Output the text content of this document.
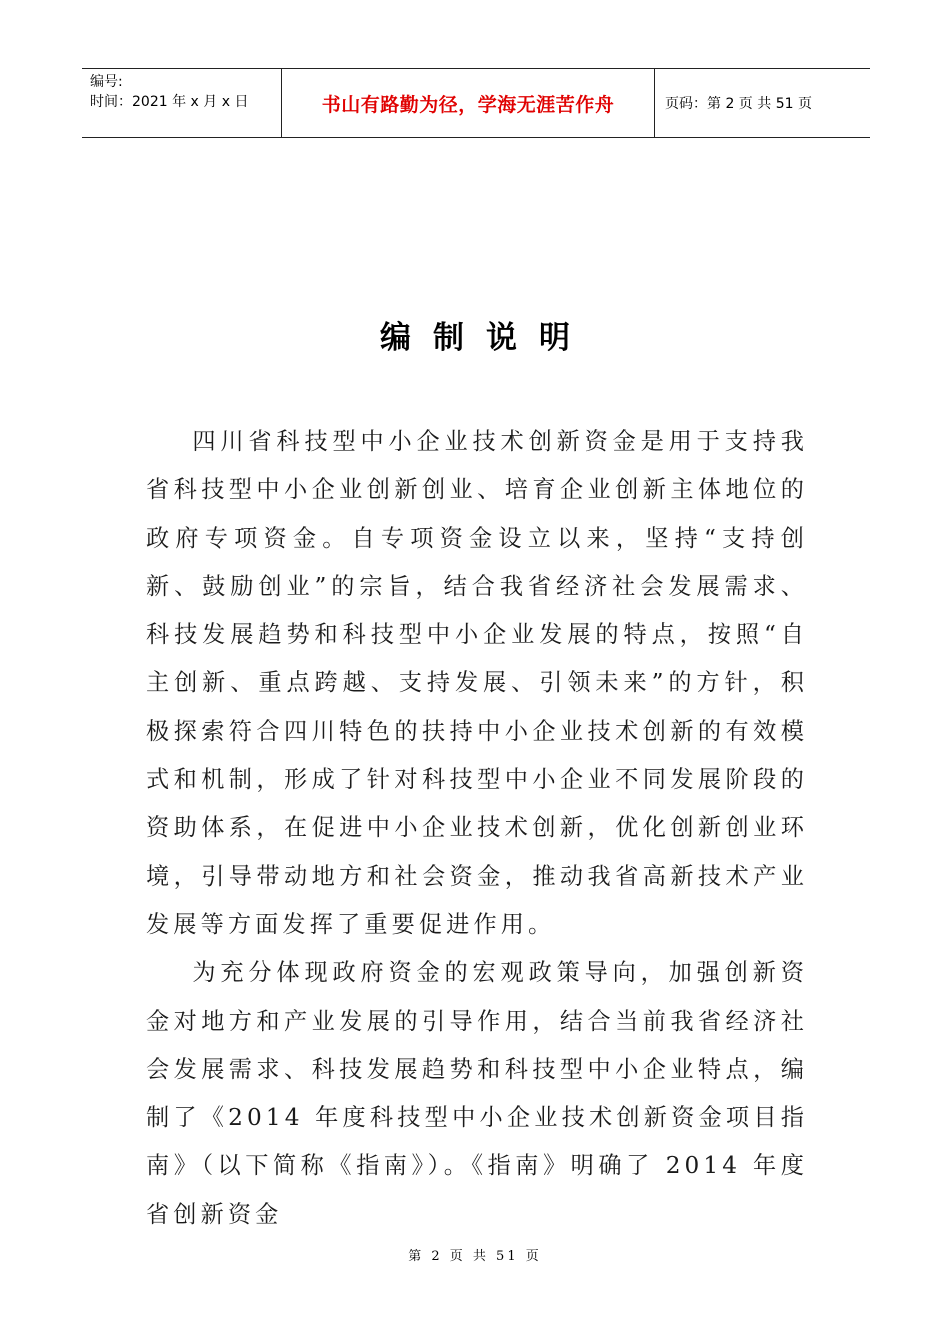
编号:
时间：2021 年 x 月 x 日	书山有路勤为径，学海无涯苦作舟	页码：第 2 页 共 51 页
编制说明

四川省科技型中小企业技术创新资金是用于支持我省科技型中小企业创新创业、培育企业创新主体地位的政府专项资金。自专项资金设立以来，坚持“支持创新、鼓励创业”的宗旨，结合我省经济社会发展需求、科技发展趋势和科技型中小企业发展的特点，按照“自主创新、重点跨越、支持发展、引领未来”的方针，积极探索符合四川特色的扶持中小企业技术创新的有效模式和机制，形成了针对科技型中小企业不同发展阶段的资助体系，在促进中小企业技术创新，优化创新创业环境，引导带动地方和社会资金，推动我省高新技术产业发展等方面发挥了重要促进作用。

为充分体现政府资金的宏观政策导向，加强创新资金对地方和产业发展的引导作用，结合当前我省经济社会发展需求、科技发展趋势和科技型中小企业特点，编制了《2014 年度科技型中小企业技术创新资金项目指南》（以下简称《指南》）。《指南》明确了 2014 年度省创新资金

第 2 页 共 51 页
